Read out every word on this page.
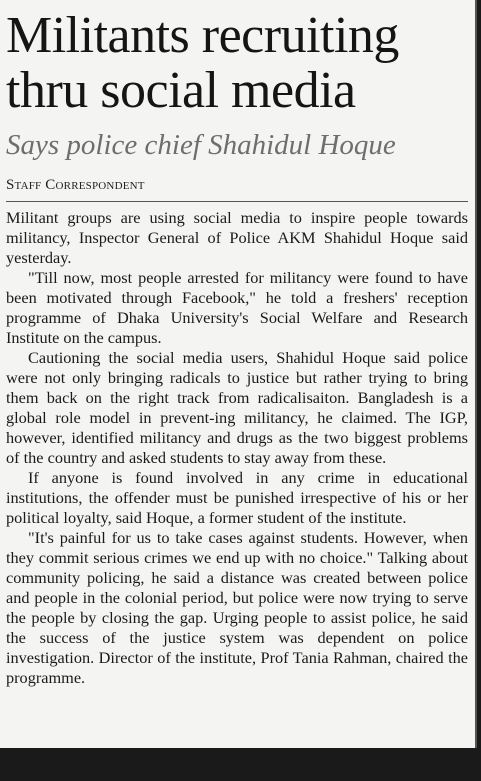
Militants recruiting thru social media
Says police chief Shahidul Hoque
Staff Correspondent

Militant groups are using social media to inspire people towards militancy, Inspector General of Police AKM Shahidul Hoque said yesterday.

"Till now, most people arrested for militancy were found to have been motivated through Facebook," he told a freshers' reception programme of Dhaka University's Social Welfare and Research Institute on the campus.

Cautioning the social media users, Shahidul Hoque said police were not only bringing radicals to justice but rather trying to bring them back on the right track from radicalisaiton. Bangladesh is a global role model in prevent-ing militancy, he claimed. The IGP, however, identified militancy and drugs as the two biggest problems of the country and asked students to stay away from these.

If anyone is found involved in any crime in educational institutions, the offender must be punished irrespective of his or her political loyalty, said Hoque, a former student of the institute.

"It's painful for us to take cases against students. However, when they commit serious crimes we end up with no choice." Talking about community policing, he said a distance was created between police and people in the colonial period, but police were now trying to serve the people by closing the gap. Urging people to assist police, he said the success of the justice system was dependent on police investigation. Director of the institute, Prof Tania Rahman, chaired the programme.
